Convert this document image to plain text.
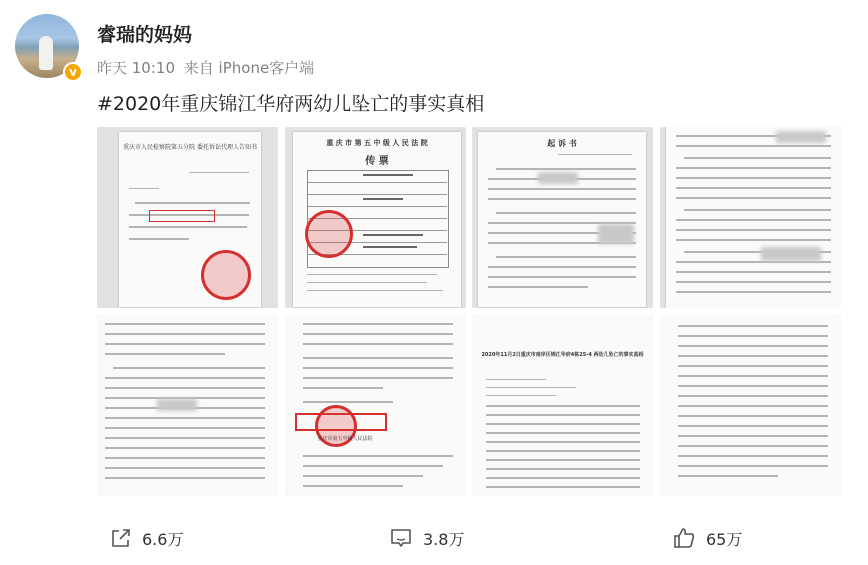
v
睿瑞的妈妈
昨天 10:10 来自 iPhone客户端
#2020年重庆锦江华府两幼儿坠亡的事实真相
重庆市人民检察院第五分院 委托诉讼代理人告知书
重 庆 市 第 五 中 级 人 民 法 院
传 票
起 诉 书
重庆市第五中级人民法院
2020年11月2日重庆市南岸区锦江华府4栋25-4 两幼儿坠亡的事实真相
6.6万	3.8万	65万
